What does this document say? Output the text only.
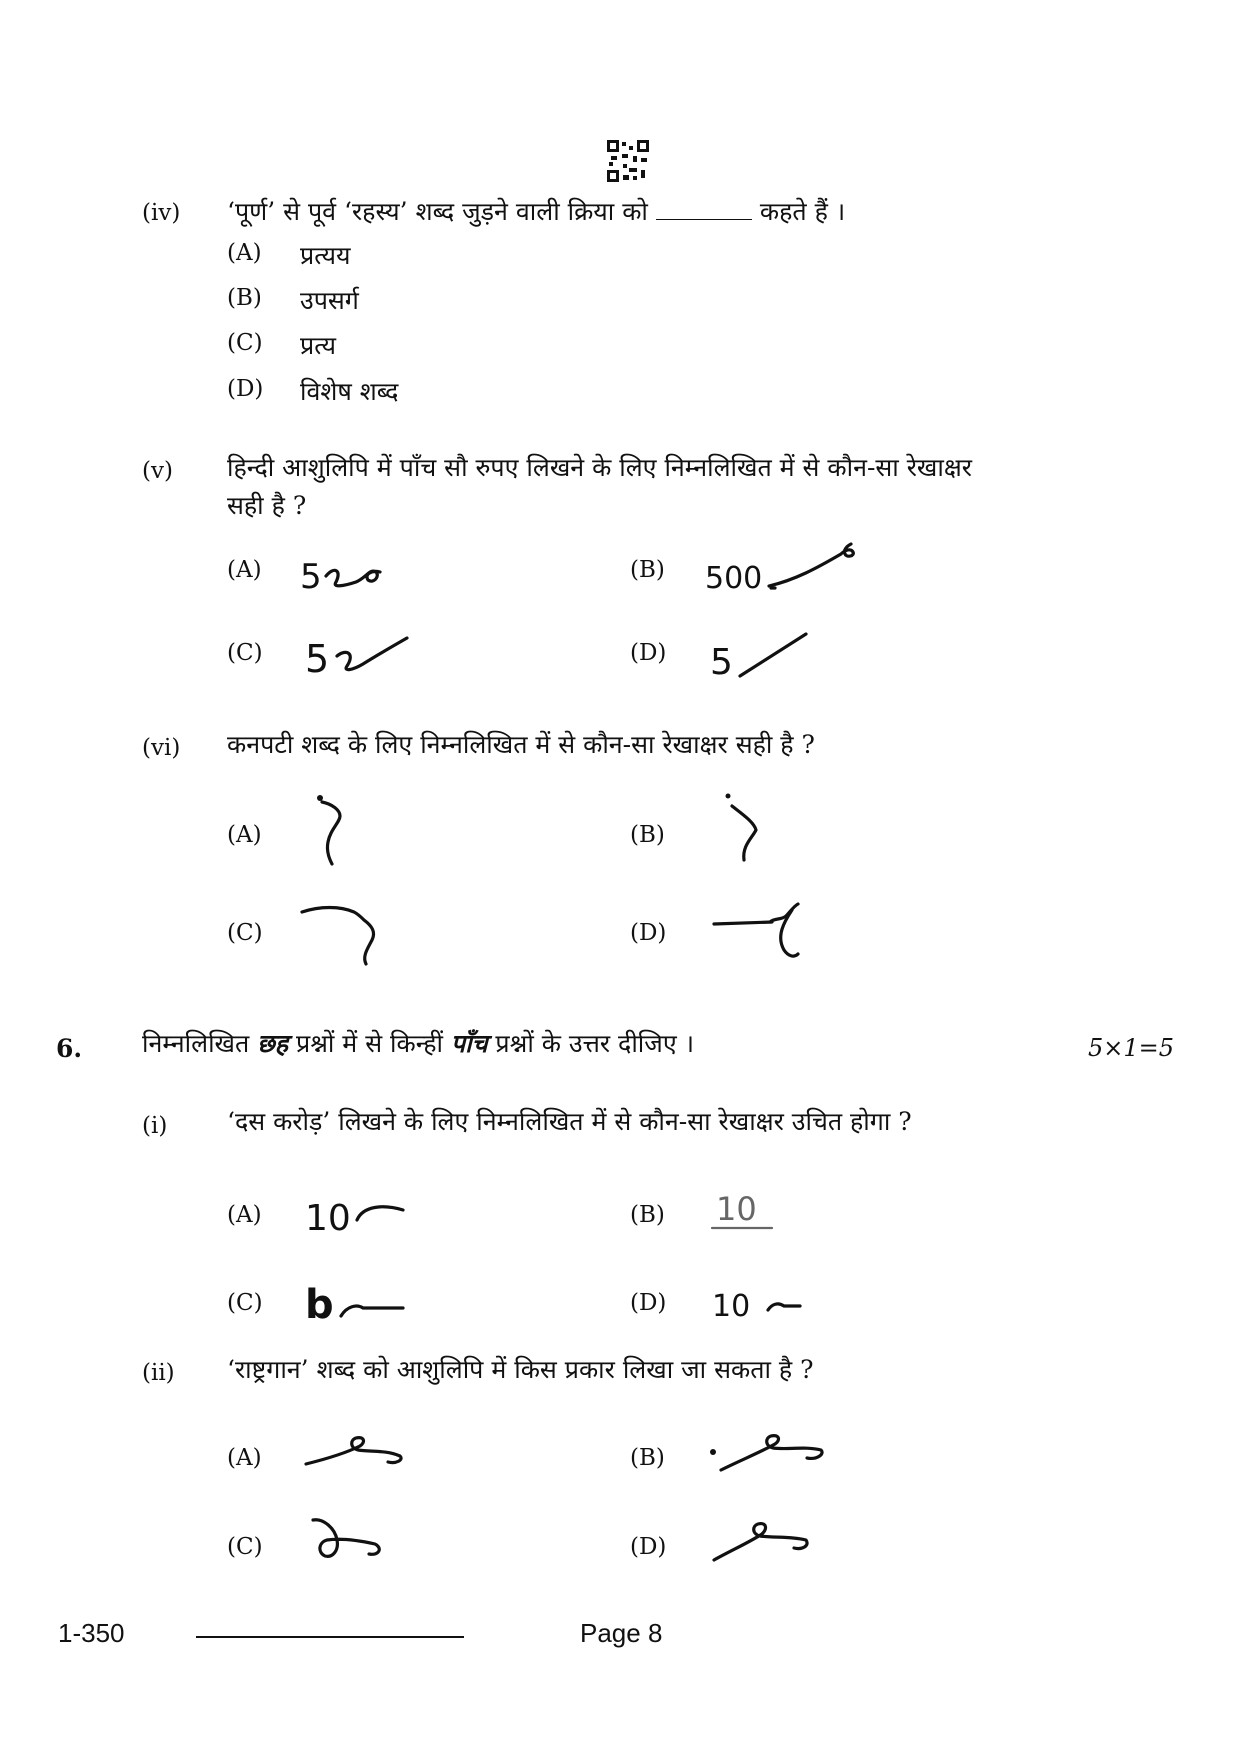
(iv) ‘पूर्ण’ से पूर्व ‘रहस्य’ शब्द जुड़ने वाली क्रिया को	कहते हैं ।
(A) प्रत्यय
(B) उपसर्ग
(C) प्रत्य
(D) विशेष शब्द
(v) हिन्दी आशुलिपि में पाँच सौ रुपए लिखने के लिए निम्नलिखित में से कौन-सा रेखाक्षर
सही है ?
(A) 5	(B) 500
(C) 5	(D) 5
(vi) कनपटी शब्द के लिए निम्नलिखित में से कौन-सा रेखाक्षर सही है ?
(A)	(B)
(C)	(D)
6. निम्नलिखित छह प्रश्नों में से किन्हीं पाँच प्रश्नों के उत्तर दीजिए ।	5×1=5
(i) ‘दस करोड़’ लिखने के लिए निम्नलिखित में से कौन-सा रेखाक्षर उचित होगा ?
(A) 10	(B) 10
(C) b	(D) 10
(ii) ‘राष्ट्रगान’ शब्द को आशुलिपि में किस प्रकार लिखा जा सकता है ?
(A)	(B)
(C)	(D)
1-350	Page 8
